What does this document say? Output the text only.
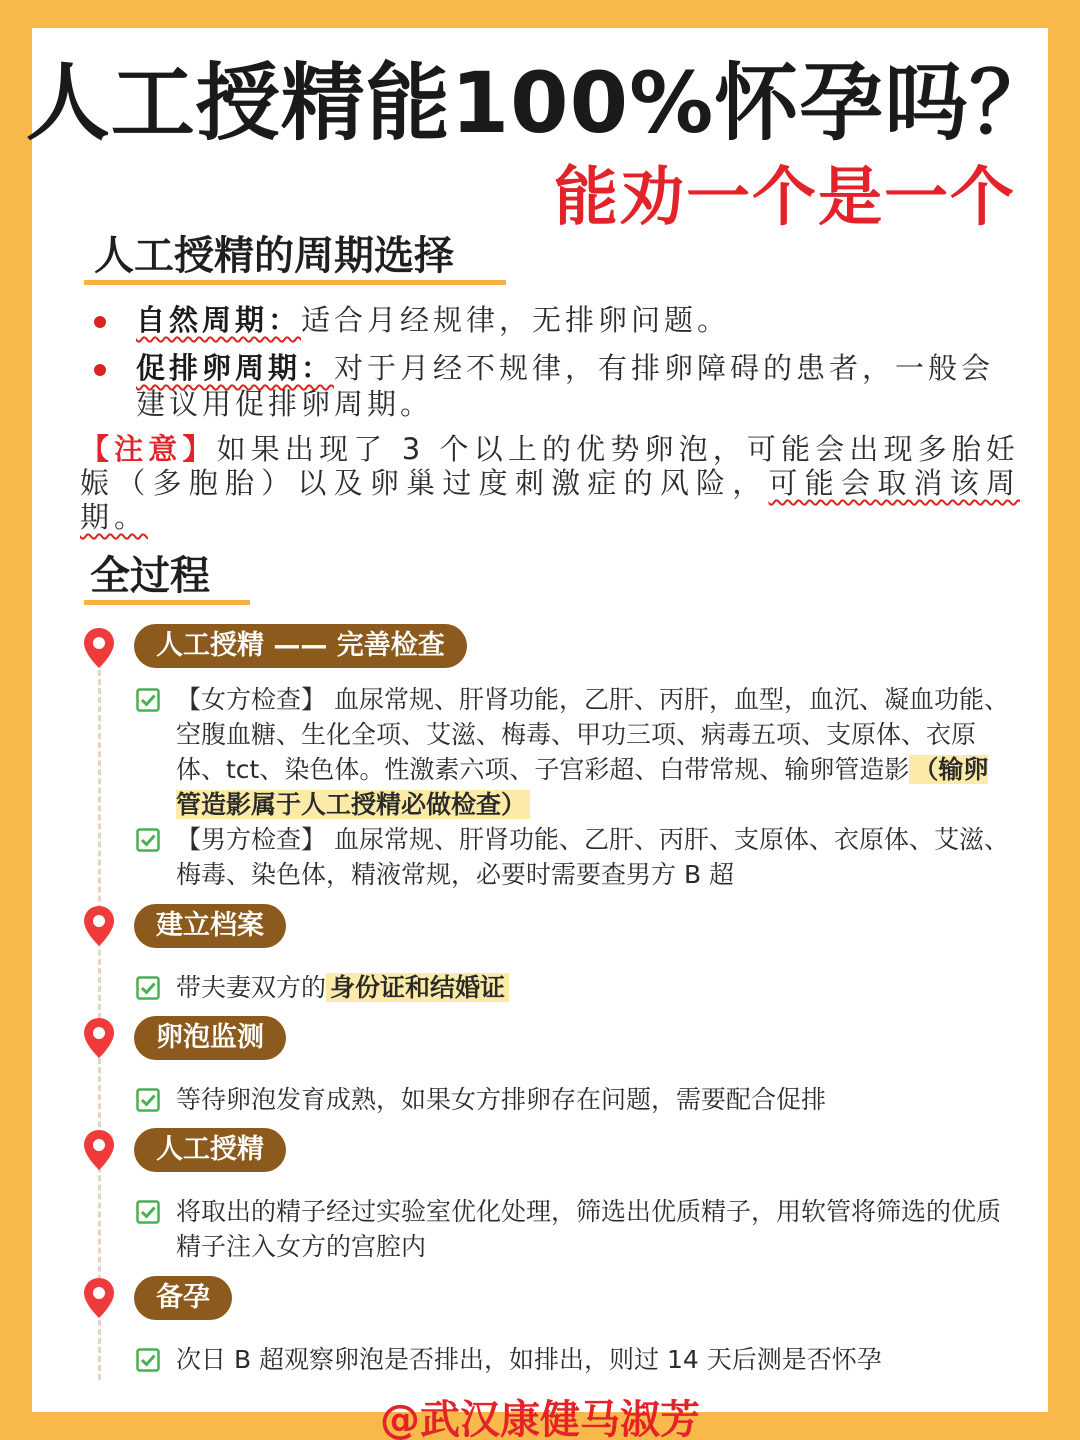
人工授精能100%怀孕吗？
能劝一个是一个
人工授精的周期选择
自然周期：适合月经规律，无排卵问题。
促排卵周期：对于月经不规律，有排卵障碍的患者，一般会建议用促排卵周期。
【注意】如果出现了 3 个以上的优势卵泡，可能会出现多胎妊娠（多胞胎）以及卵巢过度刺激症的风险，可能会取消该周期。
全过程
人工授精 —— 完善检查
【女方检查】 血尿常规、肝肾功能，乙肝、丙肝，血型，血沉、凝血功能、空腹血糖、生化全项、艾滋、梅毒、甲功三项、病毒五项、支原体、衣原体、tct、染色体。性激素六项、子宫彩超、白带常规、输卵管造影 （输卵管造影属于人工授精必做检查）
【男方检查】 血尿常规、肝肾功能、乙肝、丙肝、支原体、衣原体、艾滋、梅毒、染色体，精液常规，必要时需要查男方 B 超
建立档案
带夫妻双方的 身份证和结婚证
卵泡监测
等待卵泡发育成熟，如果女方排卵存在问题，需要配合促排
人工授精
将取出的精子经过实验室优化处理，筛选出优质精子，用软管将筛选的优质精子注入女方的宫腔内
备孕
次日 B 超观察卵泡是否排出，如排出，则过 14 天后测是否怀孕
@武汉康健马淑芳
